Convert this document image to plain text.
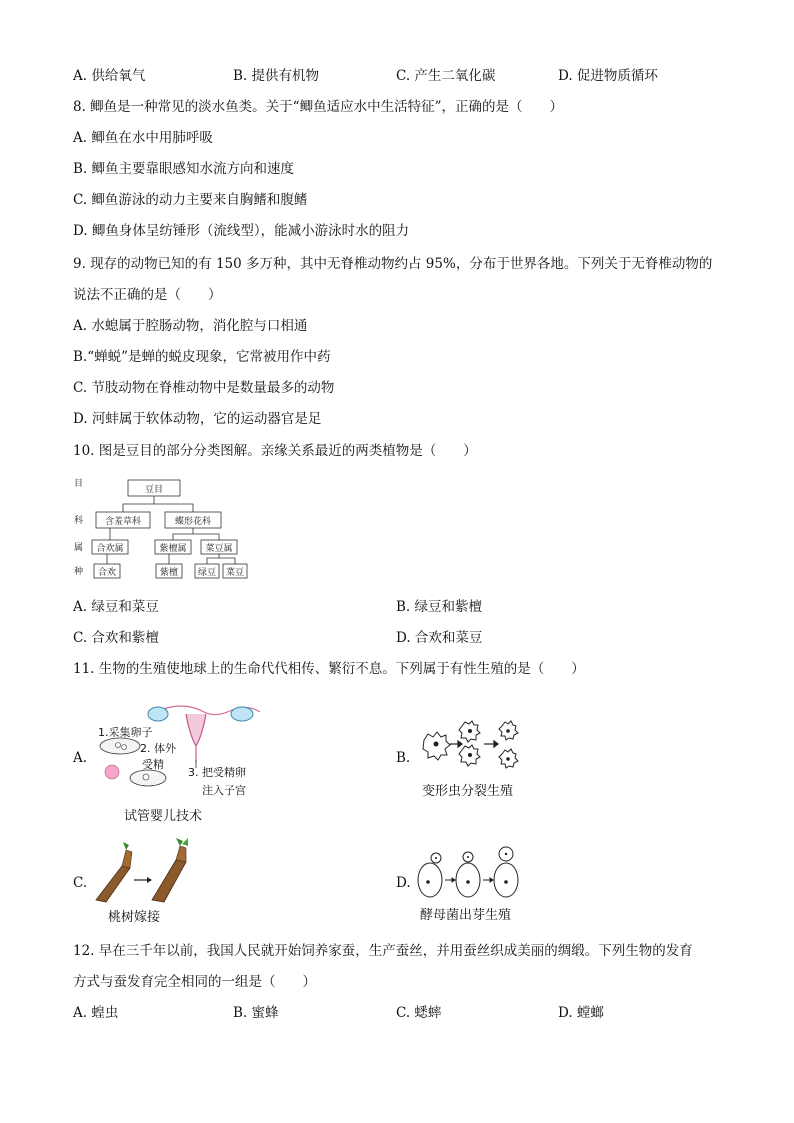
A. 供给氧气	B. 提供有机物	C. 产生二氧化碳	D. 促进物质循环
8. 鲫鱼是一种常见的淡水鱼类。关于“鲫鱼适应水中生活特征”，正确的是（　　）
A. 鲫鱼在水中用肺呼吸
B. 鲫鱼主要靠眼感知水流方向和速度
C. 鲫鱼游泳的动力主要来自胸鳍和腹鳍
D. 鲫鱼身体呈纺锤形（流线型），能减小游泳时水的阻力
9. 现存的动物已知的有 150 多万种，其中无脊椎动物约占 95%，分布于世界各地。下列关于无脊椎动物的
说法不正确的是（　　）
A. 水螅属于腔肠动物，消化腔与口相通
B.“蝉蜕”是蝉的蜕皮现象，它常被用作中药
C. 节肢动物在脊椎动物中是数量最多的动物
D. 河蚌属于软体动物，它的运动器官是足
10. 图是豆目的部分分类图解。亲缘关系最近的两类植物是（　　）
目
科
属
种
豆目
含羞草科	蝶形花科
合欢属	紫檀属 菜豆属
合欢	紫檀 绿豆 菜豆
A. 绿豆和菜豆	B. 绿豆和紫檀
C. 合欢和紫檀	D. 合欢和菜豆
11. 生物的生殖使地球上的生命代代相传、繁衍不息。下列属于有性生殖的是（　　）
A.
1.采集卵子
2. 体外
受精
3. 把受精卵
注入子宫
试管婴儿技术
B.
变形虫分裂生殖
C.
桃树嫁接
D.
酵母菌出芽生殖
12. 早在三千年以前，我国人民就开始饲养家蚕，生产蚕丝，并用蚕丝织成美丽的绸缎。下列生物的发育
方式与蚕发育完全相同的一组是（　　）
A. 蝗虫	B. 蜜蜂	C. 蟋蟀	D. 螳螂
